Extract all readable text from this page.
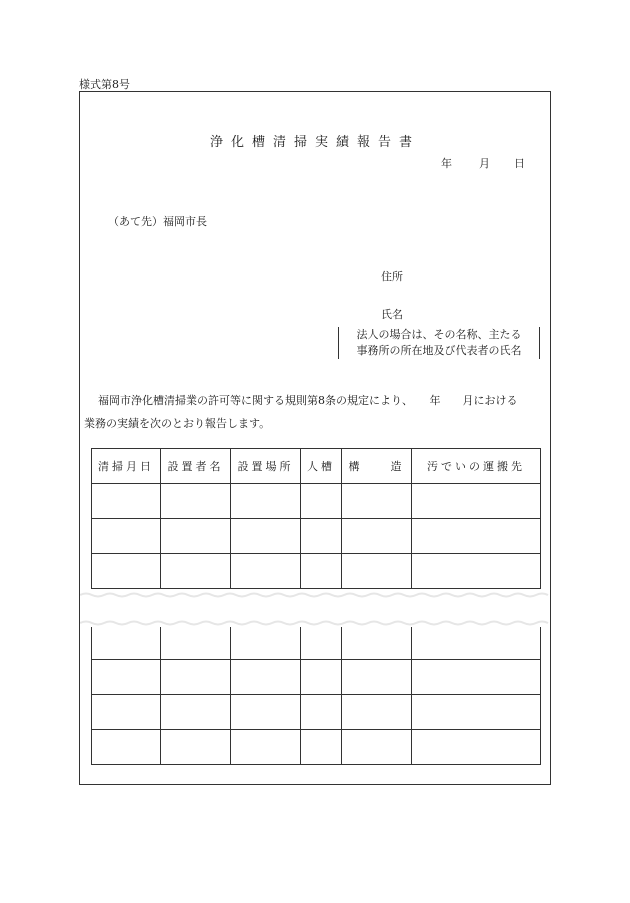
様式第8号
浄化槽清掃実績報告書
年 月 日
（あて先）福岡市長
住所
氏名
法人の場合は、その名称、主たる
事務所の所在地及び代表者の氏名
福岡市浄化槽清掃業の許可等に関する規則第8条の規定により、　　年　　月における
業務の実績を次のとおり報告します。
清掃月日	設置者名	設置場所	人槽	構　　造	汚でいの運搬先
